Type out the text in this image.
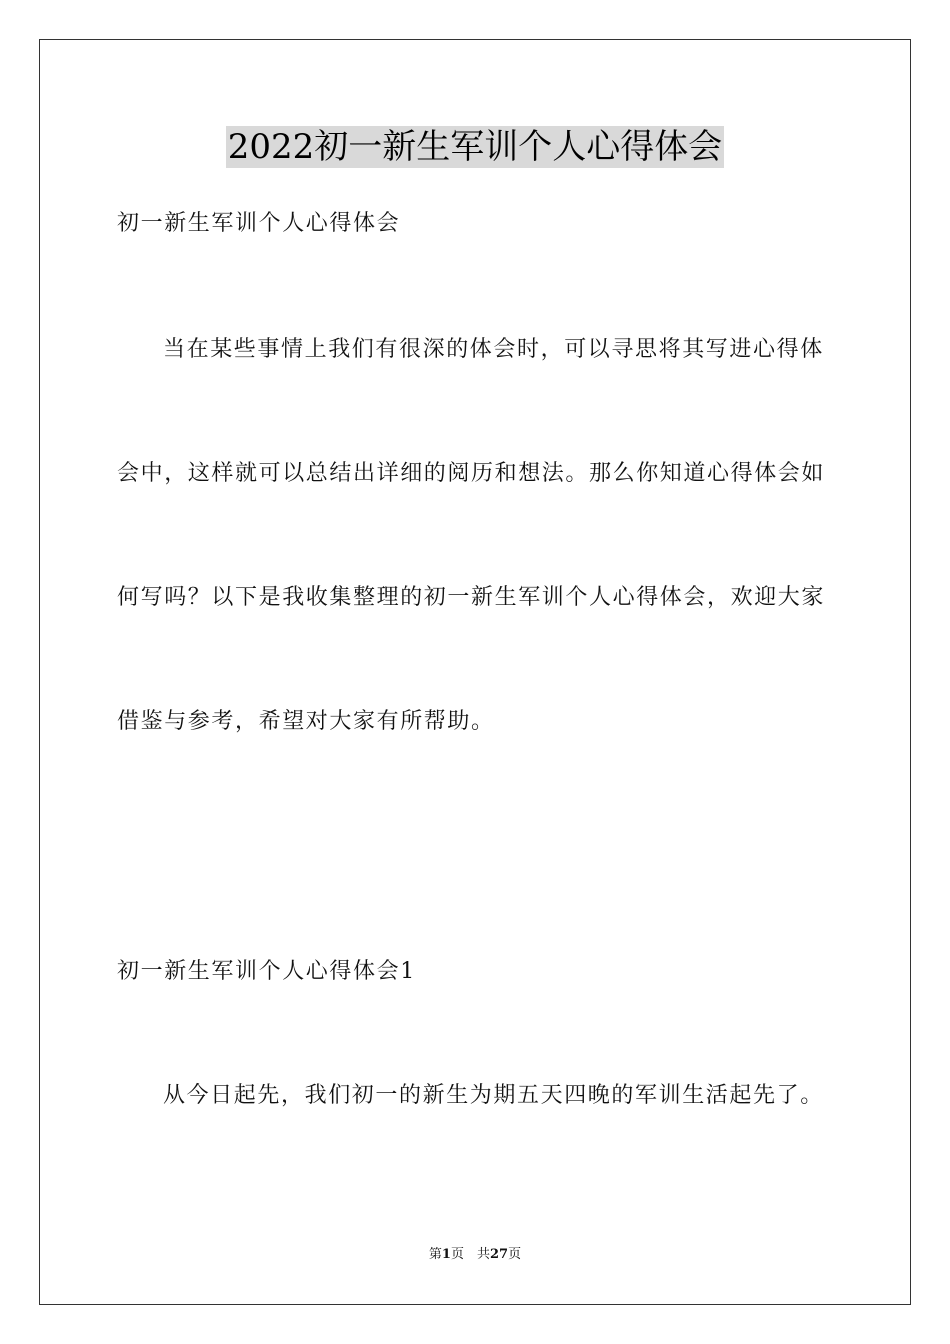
2022初一新生军训个人心得体会
初一新生军训个人心得体会
当在某些事情上我们有很深的体会时，可以寻思将其写进心得体
会中，这样就可以总结出详细的阅历和想法。那么你知道心得体会如
何写吗？以下是我收集整理的初一新生军训个人心得体会，欢迎大家
借鉴与参考，希望对大家有所帮助。
初一新生军训个人心得体会1
从今日起先，我们初一的新生为期五天四晚的军训生活起先了。
第1页　共27页
